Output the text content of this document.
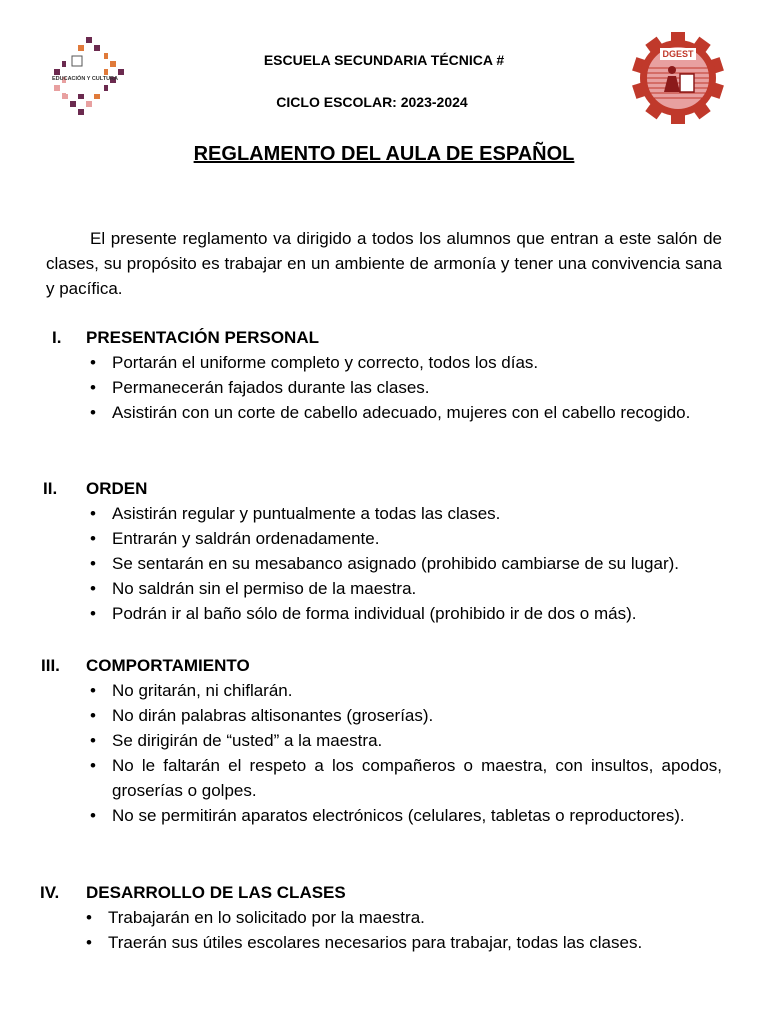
EDUCACIÓN Y CULTURA
DGEST
ESCUELA SECUNDARIA TÉCNICA #
CICLO ESCOLAR: 2023-2024
REGLAMENTO DEL AULA DE ESPAÑOL

El presente reglamento va dirigido a todos los alumnos que entran a este salón de clases, su propósito es trabajar en un ambiente de armonía y tener una convivencia sana y pacífica.

I. PRESENTACIÓN PERSONAL
• Portarán el uniforme completo y correcto, todos los días.
• Permanecerán fajados durante las clases.
• Asistirán con un corte de cabello adecuado, mujeres con el cabello recogido.
II. ORDEN
• Asistirán regular y puntualmente a todas las clases.
• Entrarán y saldrán ordenadamente.
• Se sentarán en su mesabanco asignado (prohibido cambiarse de su lugar).
• No saldrán sin el permiso de la maestra.
• Podrán ir al baño sólo de forma individual (prohibido ir de dos o más).
III. COMPORTAMIENTO
• No gritarán, ni chiflarán.
• No dirán palabras altisonantes (groserías).
• Se dirigirán de “usted” a la maestra.
• No le faltarán el respeto a los compañeros o maestra, con insultos, apodos, groserías o golpes.
• No se permitirán aparatos electrónicos (celulares, tabletas o reproductores).
IV. DESARROLLO DE LAS CLASES
• Trabajarán en lo solicitado por la maestra.
• Traerán sus útiles escolares necesarios para trabajar, todas las clases.
